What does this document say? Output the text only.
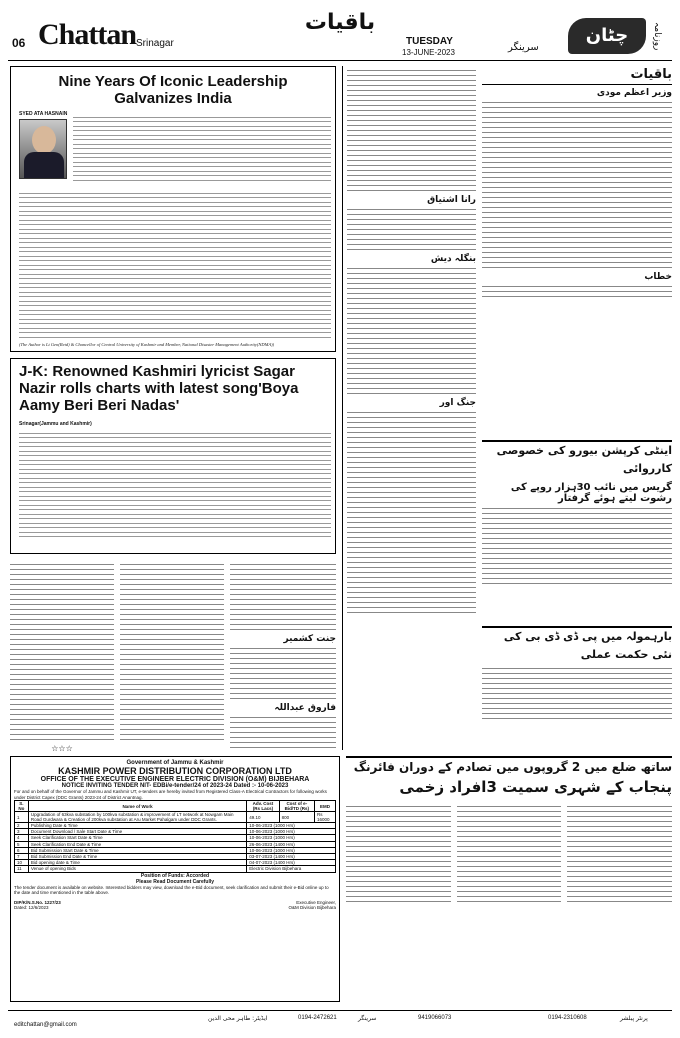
06 Chattan Srinagar
باقیات
TUESDAY
13-JUNE-2023	سرینگر
چٹان	روزنامہ
Nine Years Of Iconic Leadership
Galvanizes India
SYED ATA HASNAIN
(The Author is Lt Gen(Retd) & Chancellor of Central University of Kashmir and Member, National Disaster Management Authority(NDMA))
J-K: Renowned Kashmiri lyricist Sagar
Nazir rolls charts with latest song'Boya
Aamy Beri Beri Nadas'
Srinagar(Jammu and Kashmir)
☆☆☆
جنت کشمیر
فاروق عبداللہ
رانا اشتیاق
بنگلہ دیش
جنگ اور
باقیات
وزیر اعظم مودی
خطاب
اینٹی کرپشن بیورو کی خصوصی کارروائی
گریس میں نائب 30ہزار روپے کی رشوت لیتے ہوئے گرفتار
بارہمولہ میں پی ڈی ڈی بی کی نئی حکمت عملی
Government of Jammu & Kashmir
KASHMIR POWER DISTRIBUTION CORPORATION LTD
OFFICE OF THE EXECUTIVE ENGINEER ELECTRIC DIVISION (O&M) BIJBEHARA
NOTICE INVITING TENDER NIT- EDBi/e-tender/24 of 2023-24 Dated :- 10-06-2023
For and on behalf of the Governor of Jammu and Kashmir UT, e-tenders are hereby invited from Registered Class-A Electrical Contractors for following works under District Capex (DDC Grants) 2023-24 of District Anantnag.
S. No	Name of Work	Adv. Cost (Rs Lacs)	Cost of e-Bid/TD (Rs)	EMD
1	Upgradation of 63kva substation by 100kva substation & improvement of LT network at Nowgam Main Road Gurdwara & Creation of 200kva substation at Aru Market Pahalgam under DDC Grants.	49.10	800	Rs 16000
2	Publishing Date & Time	10-06-2023 (1000 Hrs)		
3	Document Download / Sale Start Date & Time	10-06-2023 (1000 Hrs)		
4	Seek Clarification Start Date & Time	10-06-2023 (1000 Hrs)		
5	Seek Clarification End Date & Time	26-06-2023 (1400 Hrs)		
6	Bid Submission Start Date & Time	10-06-2023 (1000 Hrs)		
7	Bid Submission End Date & Time	03-07-2023 (1400 Hrs)		
10	Bid opening date & Time	04-07-2023 (1400 Hrs)		
11	Venue of opening Bids	Electric Division Bijbehara		
Position of Funds: Accorded
Please Read Document Carefully
The tender document is available on website. Interested bidders may view, download the e-Bid document, seek clarification and submit their e-Bid online up to the date and time mentioned in the table above.
Executive Engineer,
O&M Division Bijbehara
DIP/K/N.S.No. 1227/23
Dated: 12/6/2023
ساتھ ضلع میں 2 گروپوں میں تصادم کے دوران فائرنگ
پنجاب کے شہری سمیت 3افراد زخمی
editchattan@gmail.com
0194-2472621	9419066073	0194-2310608
ایڈیٹر: طاہر محی الدین	سرینگر	پرنٹر پبلشر
